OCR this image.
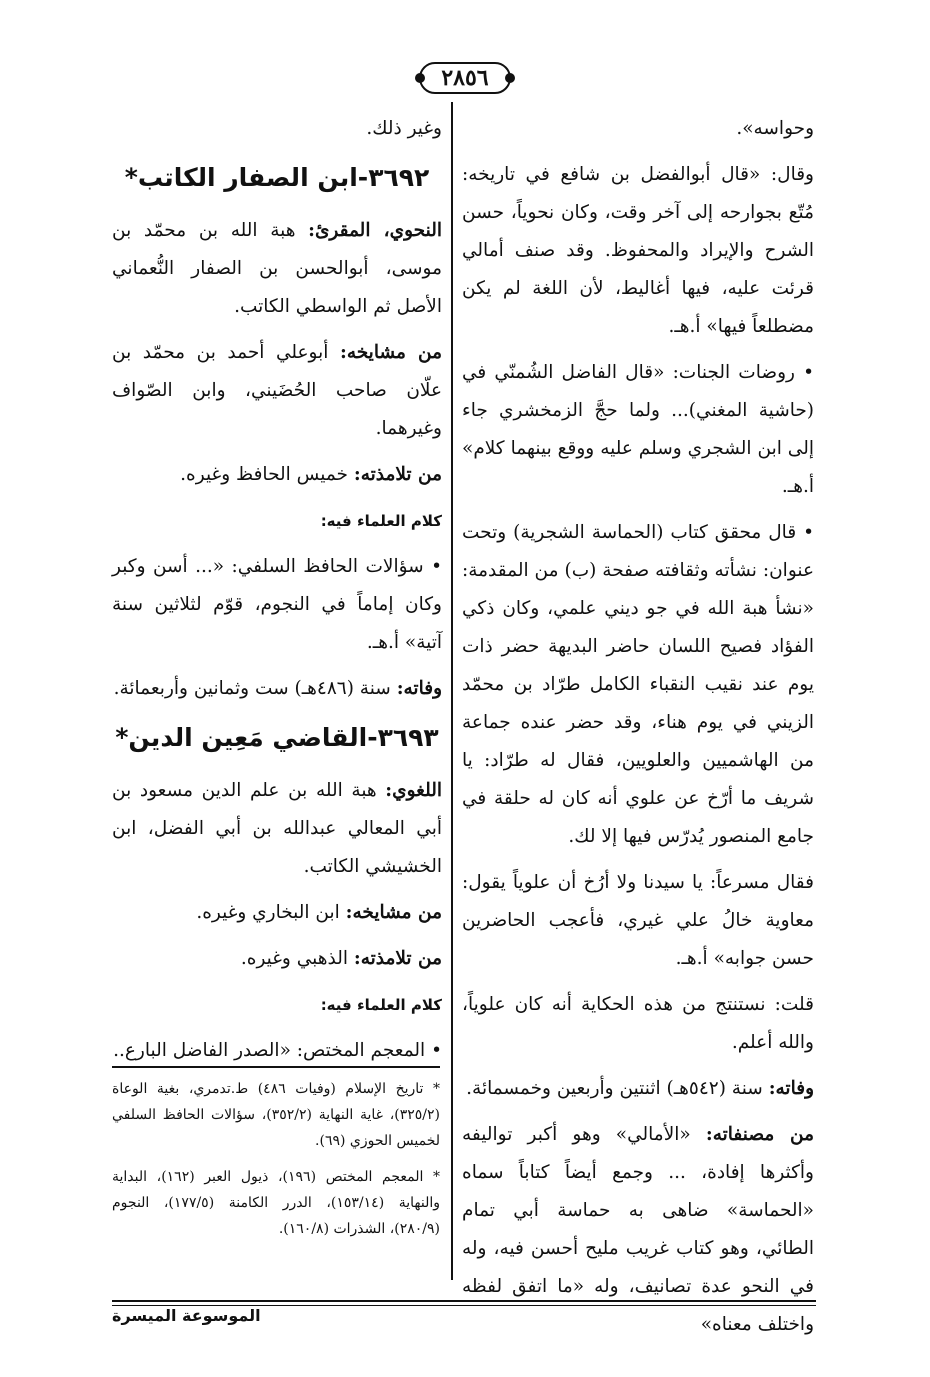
٢٨٥٦

وحواسه».

وقال: «قال أبوالفضل بن شافع في تاريخه: مُتّع بجوارحه إلى آخر وقت، وكان نحوياً، حسن الشرح والإيراد والمحفوظ. وقد صنف أمالي قرئت عليه، فيها أغاليط، لأن اللغة لم يكن مضطلعاً فيها» أ.هـ.

• روضات الجنات: «قال الفاضل الشُمنّي في (حاشية المغني)... ولما حجَّ الزمخشري جاء إلى ابن الشجري وسلم عليه ووقع بينهما كلام» أ.هـ.

• قال محقق كتاب (الحماسة الشجرية) وتحت عنوان: نشأته وثقافته صفحة (ب) من المقدمة: «نشأ هبة الله في جو ديني علمي، وكان ذكي الفؤاد فصيح اللسان حاضر البديهة حضر ذات يوم عند نقيب النقباء الكامل طرّاد بن محمّد الزيني في يوم هناء، وقد حضر عنده جماعة من الهاشميين والعلويين، فقال له طرّاد: يا شريف ما أرّخ عن علوي أنه كان له حلقة في جامع المنصور يُدرّس فيها إلا لك.

فقال مسرعاً: يا سيدنا ولا أرُخ أن علوياً يقول: معاوية خالُ علي غيري، فأعجب الحاضرين حسن جوابه» أ.هـ.

قلت: نستنتج من هذه الحكاية أنه كان علوياً، والله أعلم.

وفاته: سنة (٥٤٢هـ) اثنتين وأربعين وخمسمائة.

من مصنفاته: «الأمالي» وهو أكبر تواليفه وأكثرها إفادة، ... وجمع أيضاً كتاباً سماه «الحماسة» ضاهى به حماسة أبي تمام الطائي، وهو كتاب غريب مليح أحسن فيه، وله في النحو عدة تصانيف، وله «ما اتفق لفظه واختلف معناه»

وغير ذلك.

٣٦٩٢-ابن الصفار الكاتب*

النحوي، المقرئ: هبة الله بن محمّد بن موسى، أبوالحسن بن الصفار النُّعماني الأصل ثم الواسطي الكاتب.

من مشايخه: أبوعلي أحمد بن محمّد بن علّان صاحب الحُضَيني، وابن الصّواف وغيرهما.

من تلامذته: خميس الحافظ وغيره.

كلام العلماء فيه:

• سؤالات الحافظ السلفي: «... أسن وكبر وكان إماماً في النجوم، قوّم لثلاثين سنة آتية» أ.هـ.

وفاته: سنة (٤٨٦هـ) ست وثمانين وأربعمائة.

٣٦٩٣-القاضي مَعِين الدين*

اللغوي: هبة الله بن علم الدين مسعود بن أبي المعالي عبدالله بن أبي الفضل، ابن الخشيشي الكاتب.

من مشايخه: ابن البخاري وغيره.

من تلامذته: الذهبي وغيره.

كلام العلماء فيه:

• المعجم المختص: «الصدر الفاضل البارع..

* تاريخ الإسلام (وفيات ٤٨٦) ط.تدمري، بغية الوعاة (٣٢٥/٢)، غاية النهاية (٣٥٢/٢)، سؤالات الحافظ السلفي لخميس الحوزي (٦٩).
* المعجم المختص (١٩٦)، ذيول العبر (١٦٢)، البداية والنهاية (١٥٣/١٤)، الدرر الكامنة (١٧٧/٥)، النجوم (٢٨٠/٩)، الشذرات (١٦٠/٨).
الموسوعة الميسرة
